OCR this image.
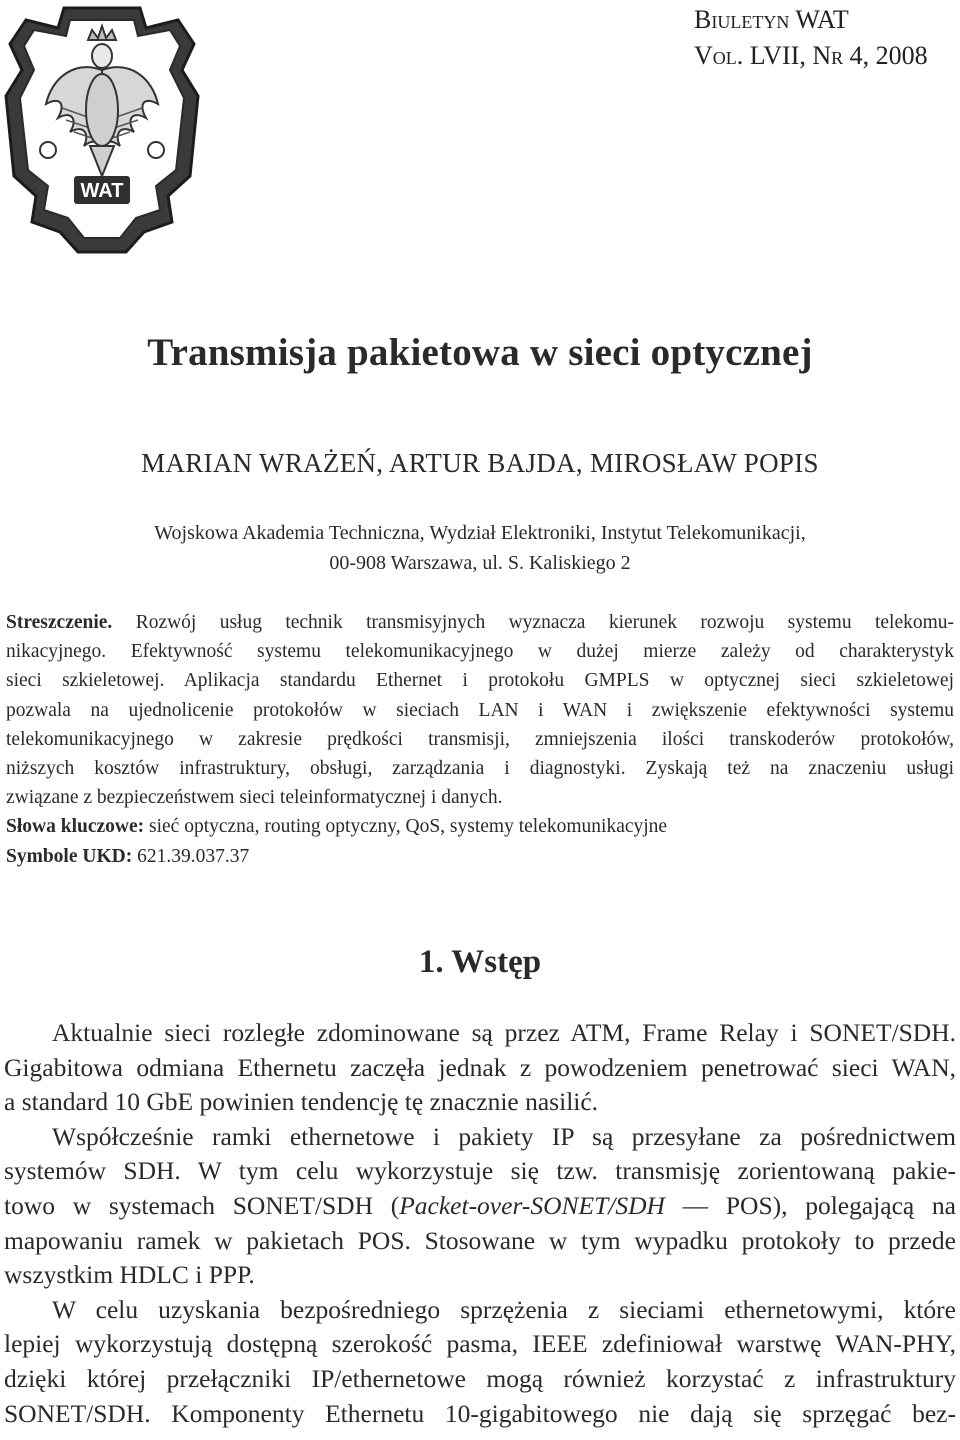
WAT
Biuletyn WAT
Vol. LVII, Nr 4, 2008
Transmisja pakietowa w sieci optycznej
MARIAN WRAŻEŃ, ARTUR BAJDA, MIROSŁAW POPIS
Wojskowa Akademia Techniczna, Wydział Elektroniki, Instytut Telekomunikacji,
00-908 Warszawa, ul. S. Kaliskiego 2
Streszczenie. Rozwój usług technik transmisyjnych wyznacza kierunek rozwoju systemu telekomu-
nikacyjnego. Efektywność systemu telekomunikacyjnego w dużej mierze zależy od charakterystyk
sieci szkieletowej. Aplikacja standardu Ethernet i protokołu GMPLS w optycznej sieci szkieletowej
pozwala na ujednolicenie protokołów w sieciach LAN i WAN i zwiększenie efektywności systemu
telekomunikacyjnego w zakresie prędkości transmisji, zmniejszenia ilości transkoderów protokołów,
niższych kosztów infrastruktury, obsługi, zarządzania i diagnostyki. Zyskają też na znaczeniu usługi
związane z bezpieczeństwem sieci teleinformatycznej i danych.
Słowa kluczowe: sieć optyczna, routing optyczny, QoS, systemy telekomunikacyjne
Symbole UKD: 621.39.037.37
1. Wstęp
Aktualnie sieci rozległe zdominowane są przez ATM, Frame Relay i SONET/SDH.
Gigabitowa odmiana Ethernetu zaczęła jednak z powodzeniem penetrować sieci WAN,
a standard 10 GbE powinien tendencję tę znacznie nasilić.
Współcześnie ramki ethernetowe i pakiety IP są przesyłane za pośrednictwem
systemów SDH. W tym celu wykorzystuje się tzw. transmisję zorientowaną pakie-
towo w systemach SONET/SDH (Packet-over-SONET/SDH — POS), polegającą na
mapowaniu ramek w pakietach POS. Stosowane w tym wypadku protokoły to przede
wszystkim HDLC i PPP.
W celu uzyskania bezpośredniego sprzężenia z sieciami ethernetowymi, które
lepiej wykorzystują dostępną szerokość pasma, IEEE zdefiniował warstwę WAN-PHY,
dzięki której przełączniki IP/ethernetowe mogą również korzystać z infrastruktury
SONET/SDH. Komponenty Ethernetu 10-gigabitowego nie dają się sprzęgać bez-
